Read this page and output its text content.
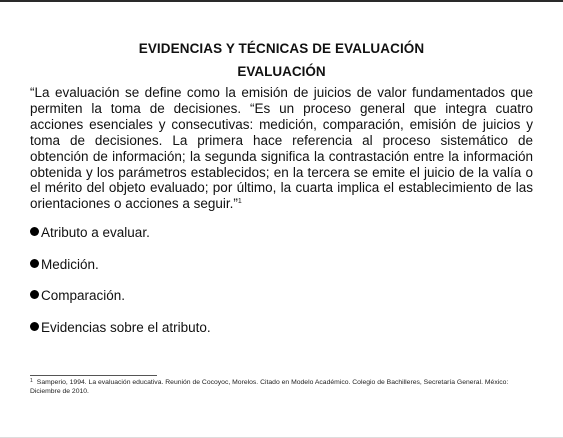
EVIDENCIAS Y TÉCNICAS DE EVALUACIÓN
EVALUACIÓN

“La evaluación se define como la emisión de juicios de valor fundamentados que permiten la toma de decisiones. “Es un proceso general que integra cuatro acciones esenciales y consecutivas: medición, comparación, emisión de juicios y toma de decisiones. La primera hace referencia al proceso sistemático de obtención de información; la segunda significa la contrastación entre la información obtenida y los parámetros establecidos; en la tercera se emite el juicio de la valía o el mérito del objeto evaluado; por último, la cuarta implica el establecimiento de las orientaciones o acciones a seguir.”$^1$

Atributo a evaluar.
Medición.
Comparación.
Evidencias sobre el atributo.
$^1$ Samperio, 1994. La evaluación educativa. Reunión de Cocoyoc, Morelos. Citado en Modelo Académico. Colegio de Bachilleres, Secretaría General. México: Diciembre de 2010.
